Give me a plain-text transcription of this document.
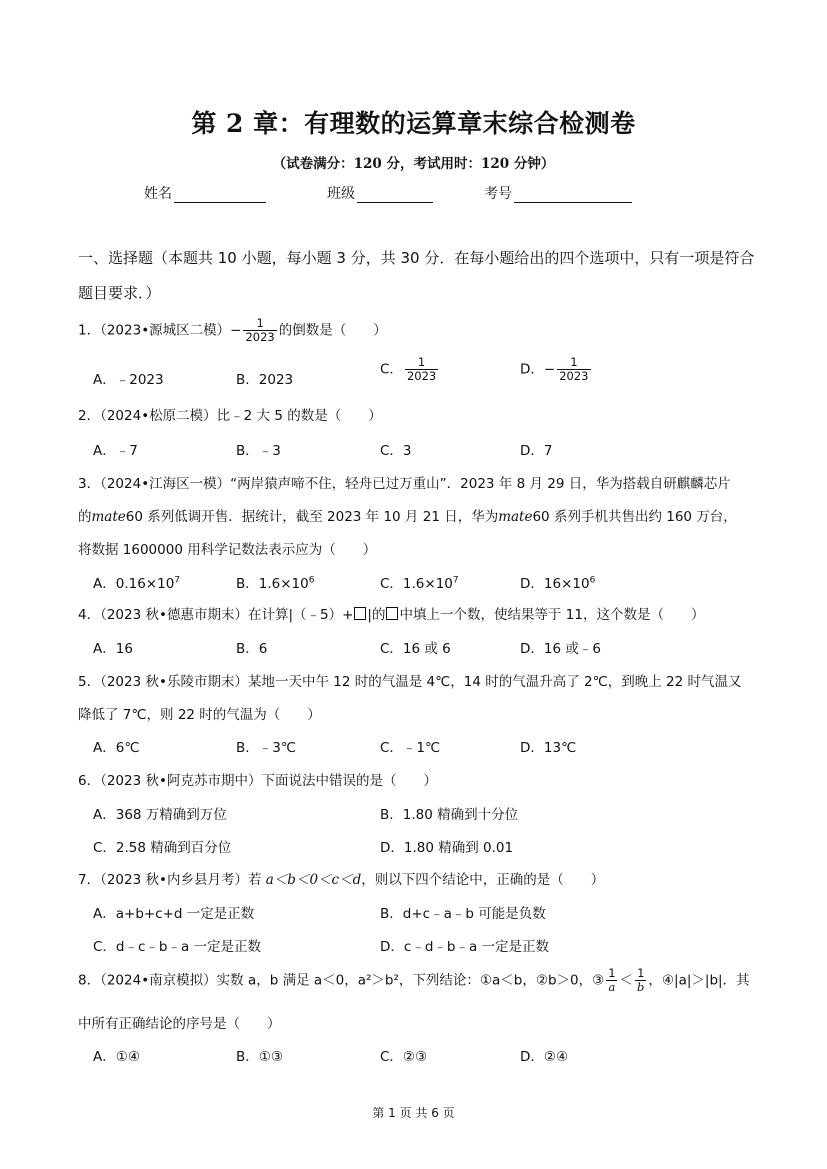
第 2 章：有理数的运算章末综合检测卷
（试卷满分：120 分，考试用时：120 分钟）
姓名	班级	考号
一、选择题（本题共 10 小题，每小题 3 分，共 30 分．在每小题给出的四个选项中，只有一项是符合题目要求．）
1．（2023•源城区二模）− $\frac{1}{2023}$ 的倒数是（　　）
A．﹣2023	B．2023
C． $\frac{1}{2023}$	D．− $\frac{1}{2023}$
2．（2024•松原二模）比﹣2 大 5 的数是（　　）
A．﹣7	B．﹣3	C．3	D．7
3．（2024•江海区一模）“两岸猿声啼不住，轻舟已过万重山”．2023 年 8 月 29 日，华为搭载自研麒麟芯片
的mate60 系列低调开售．据统计，截至 2023 年 10 月 21 日，华为mate60 系列手机共售出约 160 万台，
将数据 1600000 用科学记数法表示应为（　　）
A．$0.16\times 10^7$	B．$1.6\times 10^6$	C．$1.6\times 10^7$	D．$16\times 10^6$
4．（2023 秋•德惠市期末）在计算|（﹣5）+ |的 中填上一个数，使结果等于 11，这个数是（　　）
A．16	B．6	C．16 或 6	D．16 或﹣6
5．（2023 秋•乐陵市期末）某地一天中午 12 时的气温是 4℃，14 时的气温升高了 2℃，到晚上 22 时气温又
降低了 7℃，则 22 时的气温为（　　）
A．6℃	B．﹣3℃	C．﹣1℃	D．13℃
6．（2023 秋•阿克苏市期中）下面说法中错误的是（　　）
A．368 万精确到万位	B．1.80 精确到十分位
C．2.58 精确到百分位	D．1.80 精确到 0.01
7．（2023 秋•内乡县月考）若 a＜b＜0＜c＜d，则以下四个结论中，正确的是（　　）
A．a+b+c+d 一定是正数	B．d+c﹣a﹣b 可能是负数
C．d﹣c﹣b﹣a 一定是正数	D．c﹣d﹣b﹣a 一定是正数
8．（2024•南京模拟）实数 a，b 满足 a＜0，a²＞b²，下列结论：①a＜b，②b＞0，③ $\frac{1}{a} < \frac{1}{b}$ ，④|a|＞|b|．其
中所有正确结论的序号是（　　）
A．①④	B．①③	C．②③	D．②④
第 1 页 共 6 页
